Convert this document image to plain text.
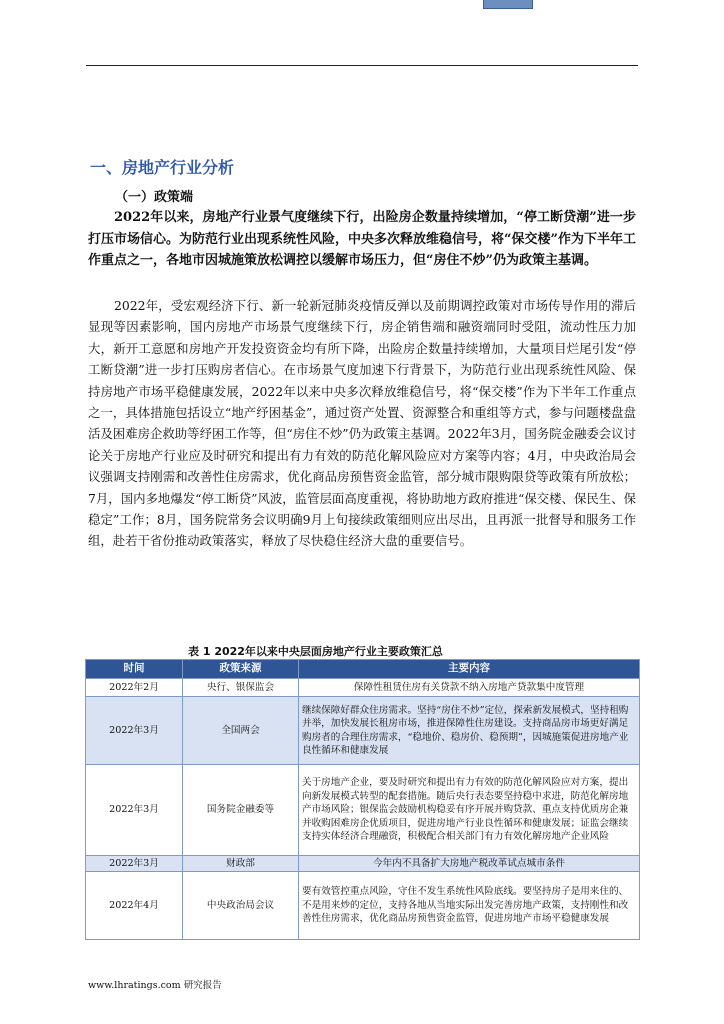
一、房地产行业分析
（一）政策端
2022年以来，房地产行业景气度继续下行，出险房企数量持续增加，“停工断贷潮”进一步打压市场信心。为防范行业出现系统性风险，中央多次释放维稳信号，将“保交楼”作为下半年工作重点之一，各地市因城施策放松调控以缓解市场压力，但“房住不炒”仍为政策主基调。
2022年，受宏观经济下行、新一轮新冠肺炎疫情反弹以及前期调控政策对市场传导作用的滞后显现等因素影响，国内房地产市场景气度继续下行，房企销售端和融资端同时受阻，流动性压力加大，新开工意愿和房地产开发投资资金均有所下降，出险房企数量持续增加，大量项目烂尾引发“停工断贷潮”进一步打压购房者信心。在市场景气度加速下行背景下，为防范行业出现系统性风险、保持房地产市场平稳健康发展，2022年以来中央多次释放维稳信号，将“保交楼”作为下半年工作重点之一，具体措施包括设立“地产纾困基金”，通过资产处置、资源整合和重组等方式，参与问题楼盘盘活及困难房企救助等纾困工作等，但“房住不炒”仍为政策主基调。2022年3月，国务院金融委会议讨论关于房地产行业应及时研究和提出有力有效的防范化解风险应对方案等内容；4月，中央政治局会议强调支持刚需和改善性住房需求，优化商品房预售资金监管，部分城市限购限贷等政策有所放松；7月，国内多地爆发“停工断贷”风波，监管层面高度重视，将协助地方政府推进“保交楼、保民生、保稳定”工作；8月，国务院常务会议明确9月上旬接续政策细则应出尽出，且再派一批督导和服务工作组，赴若干省份推动政策落实，释放了尽快稳住经济大盘的重要信号。
表 1 2022年以来中央层面房地产行业主要政策汇总
时间	政策来源	主要内容
2022年2月	央行、银保监会	保障性租赁住房有关贷款不纳入房地产贷款集中度管理
2022年3月	全国两会	继续保障好群众住房需求。坚持“房住不炒”定位，探索新发展模式，坚持租购并举，加快发展长租房市场，推进保障性住房建设。支持商品房市场更好满足购房者的合理住房需求，“稳地价、稳房价、稳预期”，因城施策促进房地产业良性循环和健康发展
2022年3月	国务院金融委等	关于房地产企业，要及时研究和提出有力有效的防范化解风险应对方案，提出向新发展模式转型的配套措施。随后央行表态要坚持稳中求进，防范化解房地产市场风险；银保监会鼓励机构稳妥有序开展并购贷款、重点支持优质房企兼并收购困难房企优质项目，促进房地产行业良性循环和健康发展；证监会继续支持实体经济合理融资，积极配合相关部门有力有效化解房地产企业风险
2022年3月	财政部	今年内不具备扩大房地产税改革试点城市条件
2022年4月	中央政治局会议	要有效管控重点风险，守住不发生系统性风险底线。要坚持房子是用来住的、不是用来炒的定位，支持各地从当地实际出发完善房地产政策，支持刚性和改善性住房需求，优化商品房预售资金监管，促进房地产市场平稳健康发展
www.lhratings.com 研究报告
